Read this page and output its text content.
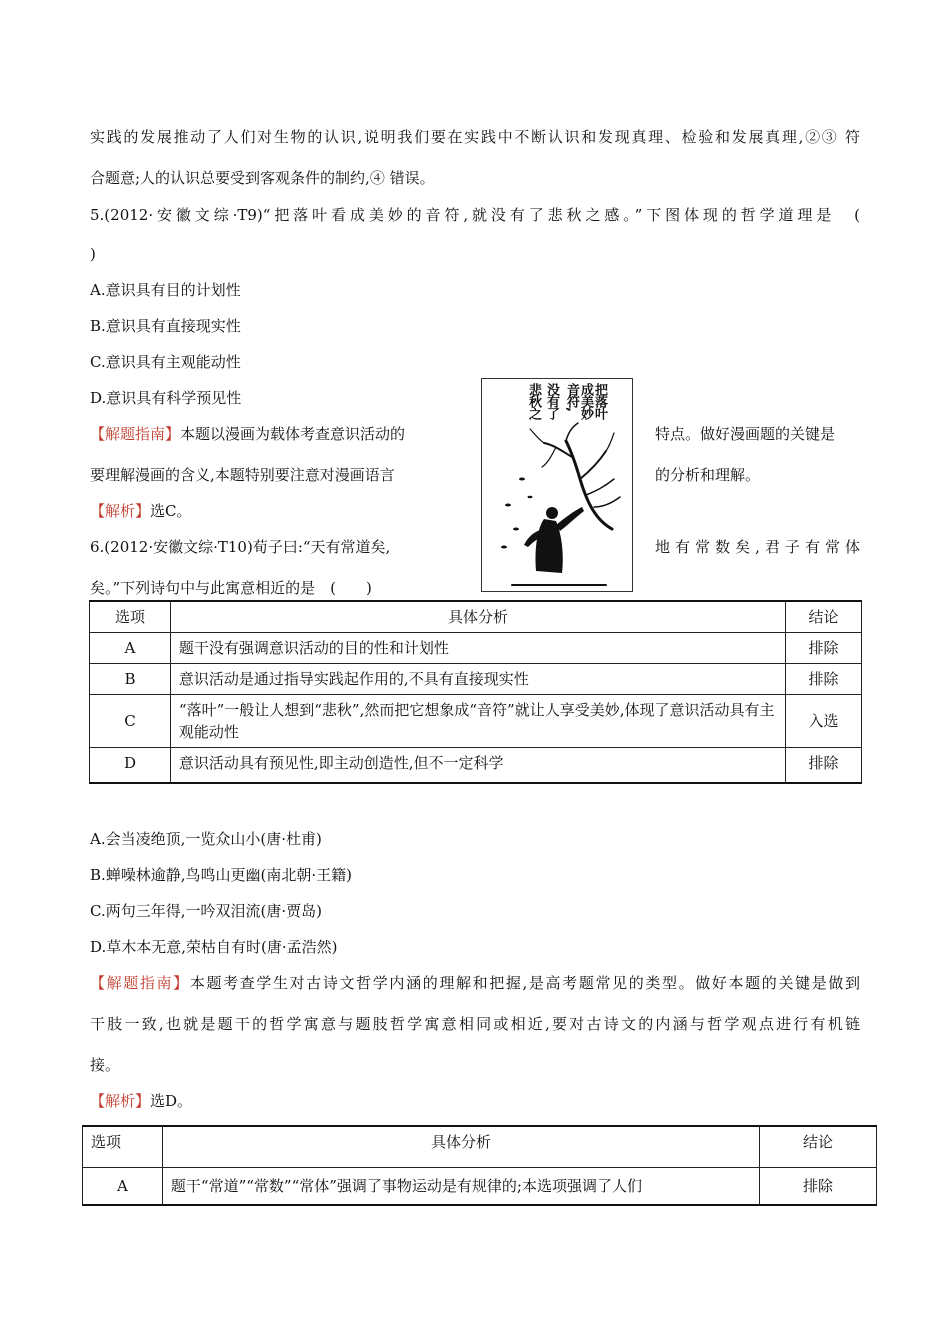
实践的发展推动了人们对生物的认识,说明我们要在实践中不断认识和发现真理、检验和发展真理,②③ 符
合题意;人的认识总要受到客观条件的制约,④ 错误。
5.(2012·安徽文综·T9)“把落叶看成美妙的音符,就没有了悲秋之感。”下图体现的哲学道理是　(
)
A.意识具有目的计划性
B.意识具有直接现实性
C.意识具有主观能动性
D.意识具有科学预见性
【解题指南】本题以漫画为载体考查意识活动的	特点。做好漫画题的关键是
要理解漫画的含义,本题特别要注意对漫画语言	的分析和理解。
【解析】选C。
把落叶
成美妙
音符,
没有了
悲秋之
6.(2012·安徽文综·T10)荀子曰:“天有常道矣,	地有常数矣,君子有常体
矣。”下列诗句中与此寓意相近的是　(　　)
选项	具体分析	结论
A	题干没有强调意识活动的目的性和计划性	排除
B	意识活动是通过指导实践起作用的,不具有直接现实性	排除
C	“落叶”一般让人想到“悲秋”,然而把它想象成“音符”就让人享受美妙,体现了意识活动具有主观能动性	入选
D	意识活动具有预见性,即主动创造性,但不一定科学	排除
A.会当凌绝顶,一览众山小(唐·杜甫)
B.蝉噪林逾静,鸟鸣山更幽(南北朝·王籍)
C.两句三年得,一吟双泪流(唐·贾岛)
D.草木本无意,荣枯自有时(唐·孟浩然)
【解题指南】本题考查学生对古诗文哲学内涵的理解和把握,是高考题常见的类型。做好本题的关键是做到
干肢一致,也就是题干的哲学寓意与题肢哲学寓意相同或相近,要对古诗文的内涵与哲学观点进行有机链
接。
【解析】选D。
选项	具体分析	结论
A	题干“常道”“常数”“常体”强调了事物运动是有规律的;本选项强调了人们	排除
